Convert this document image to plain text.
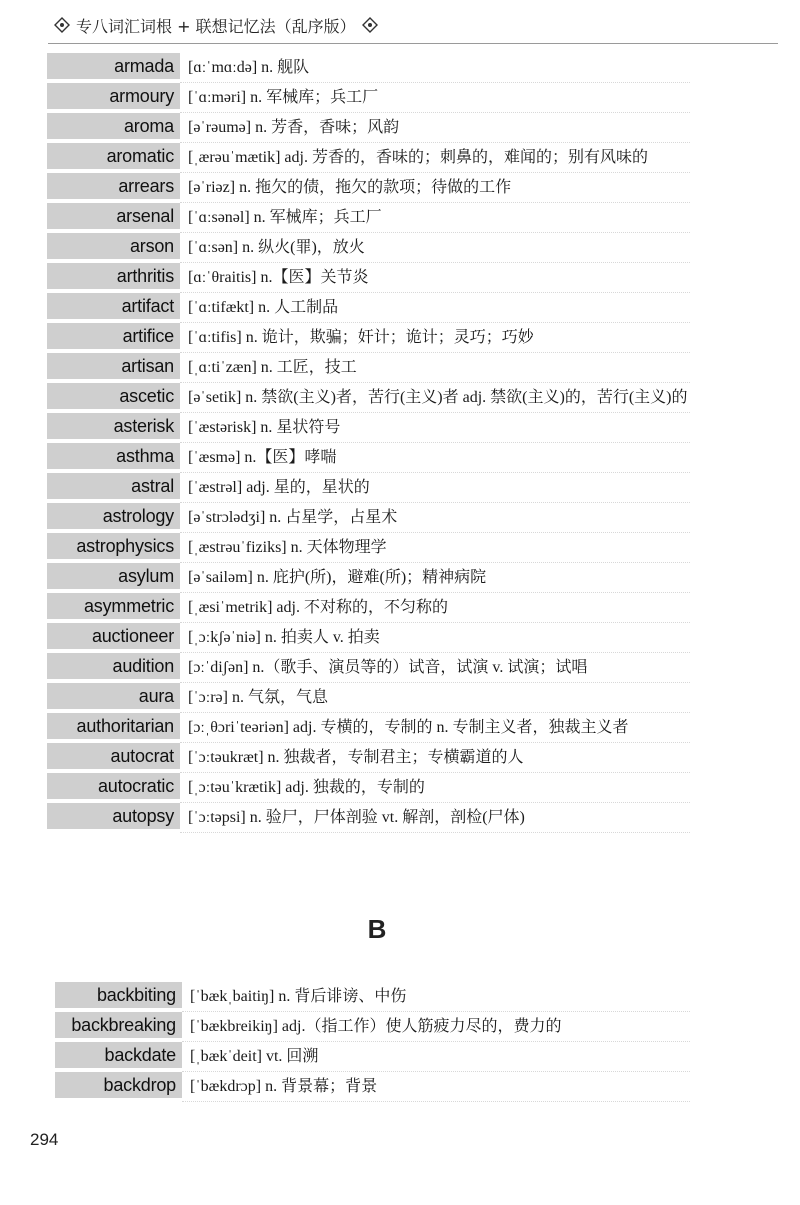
专八词汇词根 + 联想记忆法（乱序版）
armada [ɑːˈmɑːdə] n. 舰队
armoury [ˈɑːməri] n. 军械库；兵工厂
aroma [əˈrəumə] n. 芳香，香味；风韵
aromatic [ˌærəuˈmætik] adj. 芳香的，香味的；刺鼻的，难闻的；别有风味的
arrears [əˈriəz] n. 拖欠的债，拖欠的款项；待做的工作
arsenal [ˈɑːsənəl] n. 军械库；兵工厂
arson [ˈɑːsən] n. 纵火(罪)，放火
arthritis [ɑːˈθraitis] n.【医】关节炎
artifact [ˈɑːtifækt] n. 人工制品
artifice [ˈɑːtifis] n. 诡计，欺骗；奸计；诡计；灵巧；巧妙
artisan [ˌɑːtiˈzæn] n. 工匠，技工
ascetic [əˈsetik] n. 禁欲(主义)者，苦行(主义)者 adj. 禁欲(主义)的，苦行(主义)的
asterisk [ˈæstərisk] n. 星状符号
asthma [ˈæsmə] n.【医】哮喘
astral [ˈæstrəl] adj. 星的，星状的
astrology [əˈstrɔlədʒi] n. 占星学，占星术
astrophysics [ˌæstrəuˈfiziks] n. 天体物理学
asylum [əˈsailəm] n. 庇护(所)，避难(所)；精神病院
asymmetric [ˌæsiˈmetrik] adj. 不对称的，不匀称的
auctioneer [ˌɔːkʃəˈniə] n. 拍卖人 v. 拍卖
audition [ɔːˈdiʃən] n.（歌手、演员等的）试音，试演 v. 试演；试唱
aura [ˈɔːrə] n. 气氛，气息
authoritarian [ɔːˌθɔriˈteəriən] adj. 专横的，专制的 n. 专制主义者，独裁主义者
autocrat [ˈɔːtəukræt] n. 独裁者，专制君主；专横霸道的人
autocratic [ˌɔːtəuˈkrætik] adj. 独裁的，专制的
autopsy [ˈɔːtəpsi] n. 验尸，尸体剖验 vt. 解剖，剖检(尸体)
B
backbiting [ˈbækˌbaitiŋ] n. 背后诽谤、中伤
backbreaking [ˈbækbreikiŋ] adj.（指工作）使人筋疲力尽的，费力的
backdate [ˌbækˈdeit] vt. 回溯
backdrop [ˈbækdrɔp] n. 背景幕；背景
294
